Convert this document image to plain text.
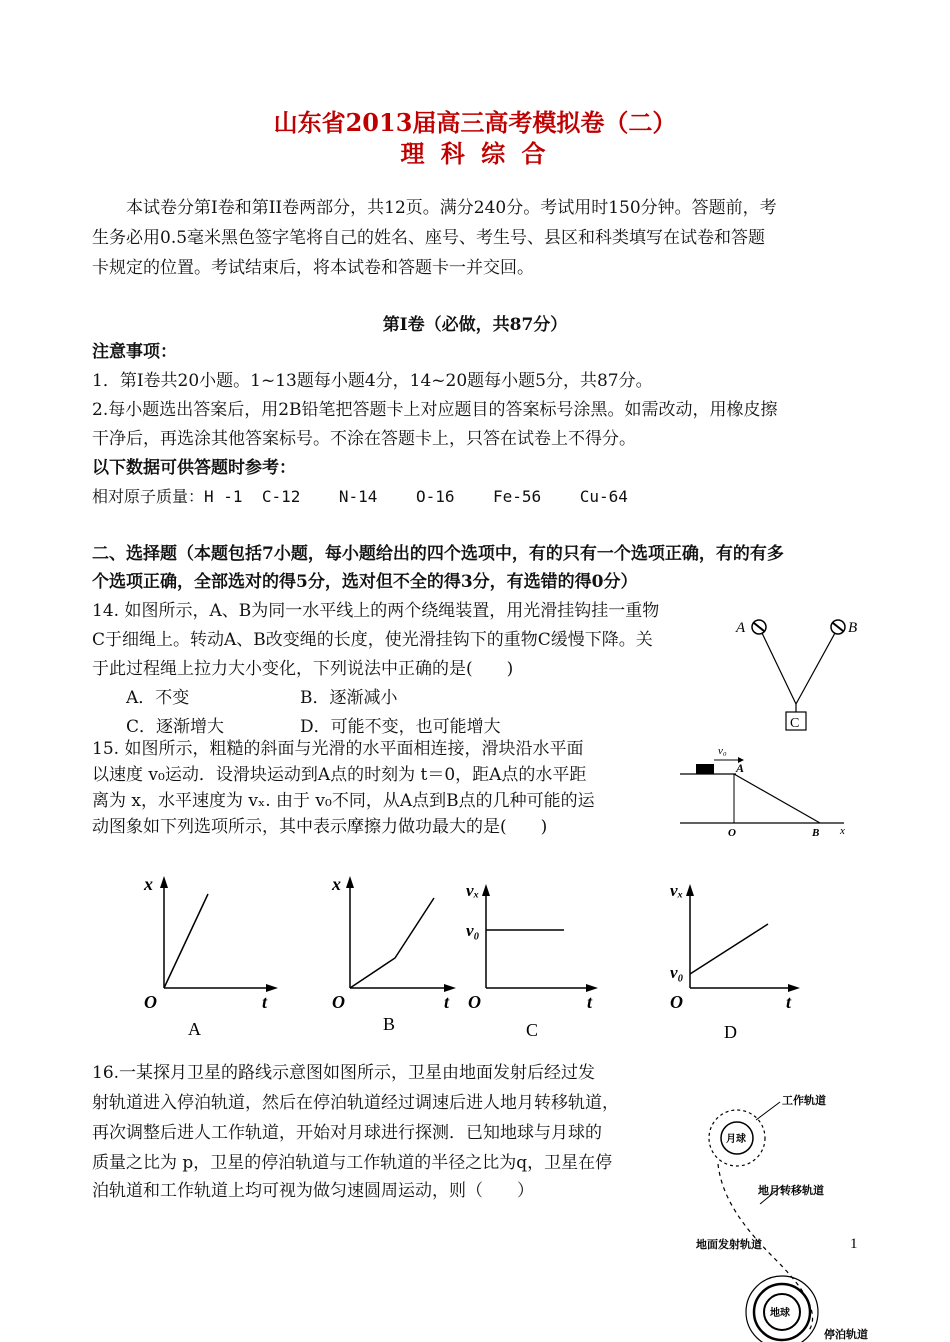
山东省2013届高三高考模拟卷（二）
理 科 综 合
本试卷分第I卷和第II卷两部分，共12页。满分240分。考试用时150分钟。答题前，考
生务必用0.5毫米黑色签字笔将自己的姓名、座号、考生号、县区和科类填写在试卷和答题
卡规定的位置。考试结束后，将本试卷和答题卡一并交回。
第I卷（必做，共87分）
注意事项：
1．第I卷共20小题。1~13题每小题4分，14~20题每小题5分，共87分。
2.每小题选出答案后，用2B铅笔把答题卡上对应题目的答案标号涂黑。如需改动，用橡皮擦
干净后，再选涂其他答案标号。不涂在答题卡上，只答在试卷上不得分。
以下数据可供答题时参考：
相对原子质量：H -1 C-12 N-14 O-16 Fe-56 Cu-64
二、选择题（本题包括7小题，每小题给出的四个选项中，有的只有一个选项正确，有的有多
个选项正确，全部选对的得5分，选对但不全的得3分，有选错的得0分）
14. 如图所示，A、B为同一水平线上的两个绕绳装置，用光滑挂钩挂一重物
C于细绳上。转动A、B改变绳的长度，使光滑挂钩下的重物C缓慢下降。关
于此过程绳上拉力大小变化，下列说法中正确的是(　　)
A．不变	B．逐渐减小
C．逐渐增大	D．可能不变，也可能增大
A	B
C
15. 如图所示，粗糙的斜面与光滑的水平面相连接，滑块沿水平面
以速度 v₀运动．设滑块运动到A点的时刻为 t＝0，距A点的水平距
离为 x，水平速度为 vₓ. 由于 v₀不同，从A点到B点的几种可能的运
动图象如下列选项所示，其中表示摩擦力做功最大的是(　　)
v₀
A
O	B x
x
t
O
A
x
t
O
B
vₓ
t
O
v₀
C
vₓ
t
O
v₀
D
16.一某探月卫星的路线示意图如图所示，卫星由地面发射后经过发
射轨道进入停泊轨道，然后在停泊轨道经过调速后进人地月转移轨道，
再次调整后进人工作轨道，开始对月球进行探测．已知地球与月球的
质量之比为 p，卫星的停泊轨道与工作轨道的半径之比为q，卫星在停
泊轨道和工作轨道上均可视为做匀速圆周运动，则（　　）
月球
工作轨道
地月转移轨道
地面发射轨道	1
地球
停泊轨道
